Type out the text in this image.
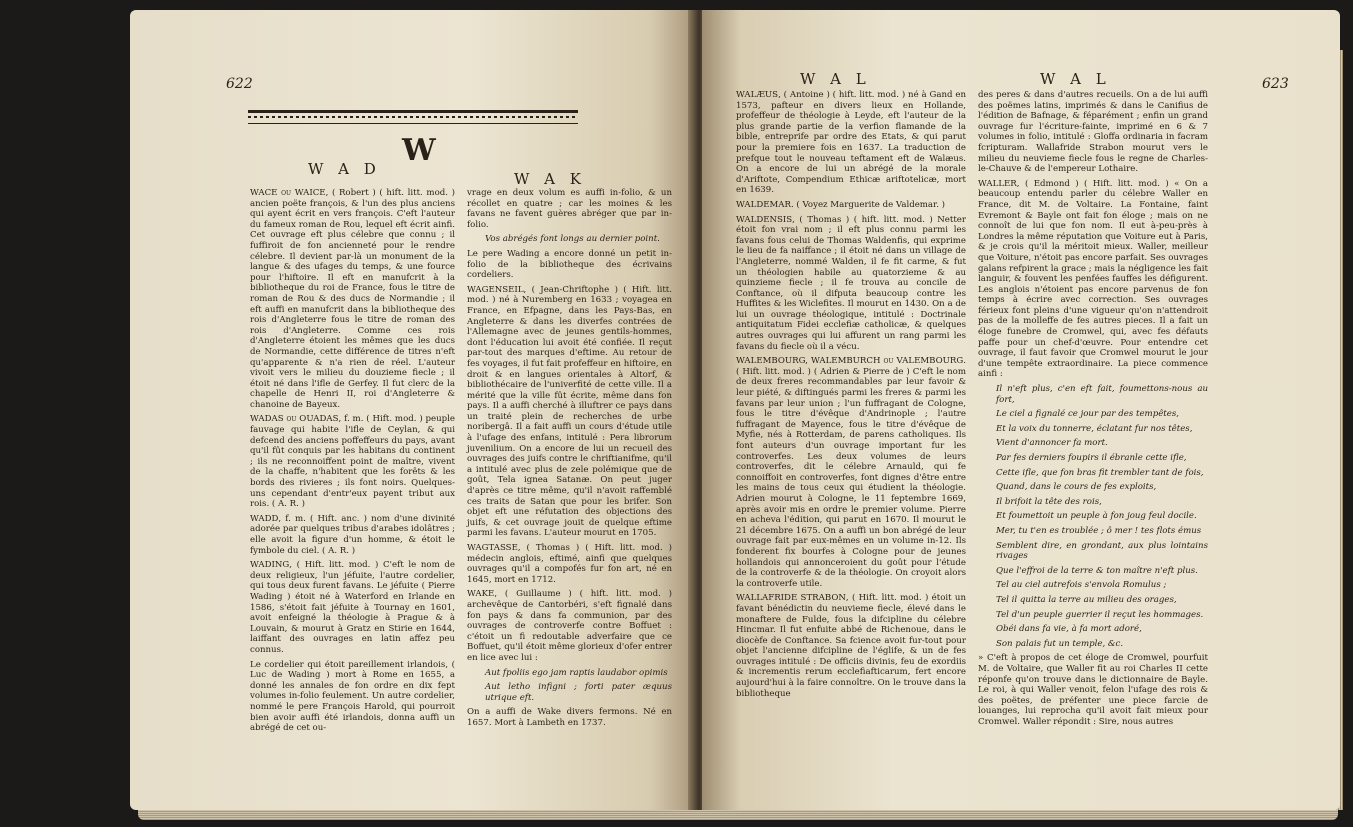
622
W
W A D
W A K

WACE ou WAICE, ( Robert ) ( hift. litt. mod. ) ancien poëte françois, & l'un des plus anciens qui ayent écrit en vers françois. C'eft l'auteur du fameux roman de Rou, lequel eft écrit ainfi. Cet ouvrage eft plus célebre que connu ; il fuffiroit de fon ancienneté pour le rendre célebre. Il devient par-là un monument de la langue & des ufages du temps, & une fource pour l'hiftoire. Il eft en manufcrit à la bibliotheque du roi de France, fous le titre de roman de Rou & des ducs de Normandie ; il eft auffi en manufcrit dans la bibliotheque des rois d'Angleterre fous le titre de roman des rois d'Angleterre. Comme ces rois d'Angleterre étoient les mêmes que les ducs de Normandie, cette différence de titres n'eft qu'apparente & n'a rien de réel. L'auteur vivoit vers le milieu du douzieme fiecle ; il étoit né dans l'ifle de Gerfey. Il fut clerc de la chapelle de Henri II, roi d'Angleterre & chanoine de Bayeux.

WADAS ou OUADAS, f. m. ( Hift. mod. ) peuple fauvage qui habite l'ifle de Ceylan, & qui defcend des anciens poffeffeurs du pays, avant qu'il fût conquis par les habitans du continent ; ils ne reconnoiffent point de maître, vivent de la chaffe, n'habitent que les forêts & les bords des rivieres ; ils font noirs. Quelques-uns cependant d'entr'eux payent tribut aux rois. ( A. R. )

WADD, f. m. ( Hift. anc. ) nom d'une divinité adorée par quelques tribus d'arabes idolâtres ; elle avoit la figure d'un homme, & étoit le fymbole du ciel. ( A. R. )

WADING, ( Hift. litt. mod. ) C'eft le nom de deux religieux, l'un jéfuite, l'autre cordelier, qui tous deux furent favans. Le jéfuite ( Pierre Wading ) étoit né à Waterford en Irlande en 1586, s'étoit fait jéfuite à Tournay en 1601, avoit enfeigné la théologie à Prague & à Louvain, & mourut à Gratz en Stirie en 1644, laiffant des ouvrages en latin affez peu connus.

Le cordelier qui étoit pareillement irlandois, ( Luc de Wading ) mort à Rome en 1655, a donné les annales de fon ordre en dix fept volumes in-folio feulement. Un autre cordelier, nommé le pere François Harold, qui pourroit bien avoir auffi été irlandois, donna auffi un abrégé de cet ou-

vrage en deux volum es auffi in-folio, & un récollet en quatre ; car les moines & les favans ne favent guères abréger que par in-folio.

Vos abrégés font longs au dernier point.

Le pere Wading a encore donné un petit in-folio de la bibliotheque des écrivains cordeliers.

WAGENSEIL, ( Jean-Chriftophe ) ( Hift. litt. mod. ) né à Nuremberg en 1633 ; voyagea en France, en Efpagne, dans les Pays-Bas, en Angleterre & dans les diverfes contrées de l'Allemagne avec de jeunes gentils-hommes, dont l'éducation lui avoit été confiée. Il reçut par-tout des marques d'eftime. Au retour de fes voyages, il fut fait profeffeur en hiftoire, en droit & en langues orientales à Altorf, & bibliothécaire de l'univerfité de cette ville. Il a mérité que la ville fût écrite, même dans fon pays. Il a auffi cherché à illuftrer ce pays dans un traité plein de recherches de urbe noribergâ. Il a fait auffi un cours d'étude utile à l'ufage des enfans, intitulé : Pera librorum juvenilium. On a encore de lui un recueil des ouvrages des juifs contre le chriftianifme, qu'il a intitulé avec plus de zele polémique que de goût, Tela ignea Satanæ. On peut juger d'après ce titre même, qu'il n'avoit raffemblé ces traits de Satan que pour les brifer. Son objet eft une réfutation des objections des juifs, & cet ouvrage jouit de quelque eftime parmi les favans. L'auteur mourut en 1705.

WAGTASSE, ( Thomas ) ( Hift. litt. mod. ) médecin anglois, eftimé, ainfi que quelques ouvrages qu'il a compofés fur fon art, né en 1645, mort en 1712.

WAKE, ( Guillaume ) ( hift. litt. mod. ) archevêque de Cantorbéri, s'eft fignalé dans fon pays & dans fa communion, par des ouvrages de controverfe contre Boffuet : c'étoit un fi redoutable adverfaire que ce Boffuet, qu'il étoit même glorieux d'ofer entrer en lice avec lui :

Aut fpoliis ego jam raptis laudabor opimis

Aut letho infigni ; forti pater æquus utrique eft.

On a auffi de Wake divers fermons. Né en 1657. Mort à Lambeth en 1737.

W A L	W A L	623

WALÆUS, ( Antoine ) ( hift. litt. mod. ) né à Gand en 1573, pafteur en divers lieux en Hollande, profeffeur de théologie à Leyde, eft l'auteur de la plus grande partie de la verfion flamande de la bible, entreprife par ordre des Etats, & qui parut pour la premiere fois en 1637. La traduction de prefque tout le nouveau teftament eft de Walæus. On a encore de lui un abrégé de la morale d'Ariftote, Compendium Ethicæ ariftotelicæ, mort en 1639.

WALDEMAR. ( Voyez Marguerite de Valdemar. )

WALDENSIS, ( Thomas ) ( hift. litt. mod. ) Netter étoit fon vrai nom ; il eft plus connu parmi les favans fous celui de Thomas Waldenfis, qui exprime le lieu de fa naiffance ; il étoit né dans un village de l'Angleterre, nommé Walden, il fe fit carme, & fut un théologien habile au quatorzieme & au quinzieme fiecle ; il fe trouva au concile de Conftance, où il difputa beaucoup contre les Huffites & les Wiclefites. Il mourut en 1430. On a de lui un ouvrage théologique, intitulé : Doctrinale antiquitatum Fidei ecclefiæ catholicæ, & quelques autres ouvrages qui lui affurent un rang parmi les favans du fiecle où il a vécu.

WALEMBOURG, WALEMBURCH ou VALEMBOURG. ( Hift. litt. mod. ) ( Adrien & Pierre de ) C'eft le nom de deux freres recommandables par leur favoir & leur piété, & diftingués parmi les freres & parmi les favans par leur union ; l'un fuffragant de Cologne, fous le titre d'évêque d'Andrinople ; l'autre fuffragant de Mayence, fous le titre d'évêque de Myfie, nés à Rotterdam, de parens catholiques. Ils font auteurs d'un ouvrage important fur les controverfes. Les deux volumes de leurs controverfes, dit le célebre Arnauld, qui fe connoiffoit en controverfes, font dignes d'être entre les mains de tous ceux qui étudient la théologie. Adrien mourut à Cologne, le 11 feptembre 1669, après avoir mis en ordre le premier volume. Pierre en acheva l'édition, qui parut en 1670. Il mourut le 21 décembre 1675. On a auffi un bon abrégé de leur ouvrage fait par eux-mêmes en un volume in-12. Ils fonderent fix bourfes à Cologne pour de jeunes hollandois qui annonceroient du goût pour l'étude de la controverfe & de la théologie. On croyoit alors la controverfe utile.

WALLAFRIDE STRABON, ( Hift. litt. mod. ) étoit un favant bénédictin du neuvieme fiecle, élevé dans le monaftere de Fulde, fous la difcipline du célebre Hincmar. Il fut enfuite abbé de Richenoue, dans le diocèfe de Conftance. Sa fcience avoit fur-tout pour objet l'ancienne difcipline de l'églife, & un de fes ouvrages intitulé : De officiis divinis, feu de exordiis & incrementis rerum ecclefiafticarum, fert encore aujourd'hui à la faire connoître. On le trouve dans la bibliotheque

des peres & dans d'autres recueils. On a de lui auffi des poëmes latins, imprimés & dans le Canifius de l'édition de Bafnage, & féparément ; enfin un grand ouvrage fur l'écriture-fainte, imprimé en 6 & 7 volumes in folio, intitulé : Gloffa ordinaria in facram fcripturam. Wallafride Strabon mourut vers le milieu du neuvieme fiecle fous le regne de Charles-le-Chauve & de l'empereur Lothaire.

WALLER, ( Edmond ) ( Hift. litt. mod. ) « On a beaucoup entendu parler du célebre Waller en France, dit M. de Voltaire. La Fontaine, faint Evremont & Bayle ont fait fon éloge ; mais on ne connoît de lui que fon nom. Il eut à-peu-près à Londres la même réputation que Voiture eut à Paris, & je crois qu'il la méritoit mieux. Waller, meilleur que Voiture, n'étoit pas encore parfait. Ses ouvrages galans refpirent la grace ; mais la négligence les fait languir, & fouvent les penfées fauffes les défigurent. Les anglois n'étoient pas encore parvenus de fon temps à écrire avec correction. Ses ouvrages férieux font pleins d'une vigueur qu'on n'attendroit pas de la molleffe de fes autres pieces. Il a fait un éloge funebre de Cromwel, qui, avec fes défauts paffe pour un chef-d'œuvre. Pour entendre cet ouvrage, il faut favoir que Cromwel mourut le jour d'une tempête extraordinaire. La piece commence ainfi :

Il n'eft plus, c'en eft fait, foumettons-nous au fort,

Le ciel a fignalé ce jour par des tempêtes,

Et la voix du tonnerre, éclatant fur nos têtes,

Vient d'annoncer fa mort.

Par fes derniers foupirs il ébranle cette ifle,

Cette ifle, que fon bras fit trembler tant de fois,

Quand, dans le cours de fes exploits,

Il brifoit la tête des rois,

Et foumettoit un peuple à fon joug feul docile.

Mer, tu t'en es troublée ; ô mer ! tes flots émus

Semblent dire, en grondant, aux plus lointains rivages

Que l'effroi de la terre & ton maître n'eft plus.

Tel au ciel autrefois s'envola Romulus ;

Tel il quitta la terre au milieu des orages,

Tel d'un peuple guerrier il reçut les hommages.

Obéi dans fa vie, à fa mort adoré,

Son palais fut un temple, &c.

» C'eft à propos de cet éloge de Cromwel, pourfuit M. de Voltaire, que Waller fit au roi Charles II cette réponfe qu'on trouve dans le dictionnaire de Bayle. Le roi, à qui Waller venoit, felon l'ufage des rois & des poëtes, de préfenter une piece farcie de louanges, lui reprocha qu'il avoit fait mieux pour Cromwel. Waller répondit : Sire, nous autres
